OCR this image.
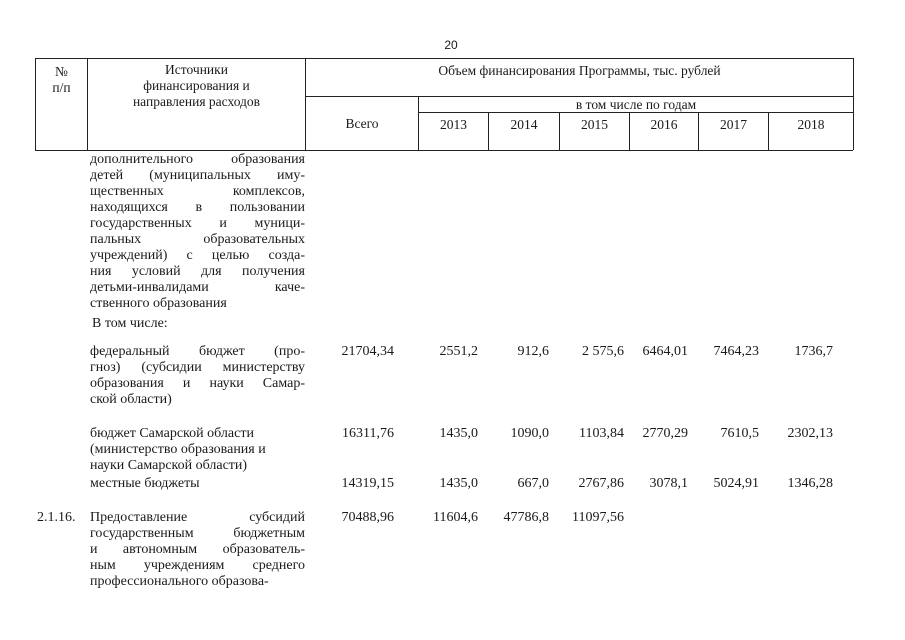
20
№
п/п
Источники
финансирования и
направления расходов
Объем финансирования Программы, тыс. рублей
в том числе по годам
Всего	2013	2014	2015	2016	2017	2018
дополнительного образования
детей (муниципальных иму-
щественных комплексов,
находящихся в пользовании
государственных и муници-
пальных образовательных
учреждений) с целью созда-
ния условий для получения
детьми-инвалидами каче-
ственного образования
В том числе:
федеральный бюджет (про-
гноз) (субсидии министерству
образования и науки Самар-
ской области)
21704,34	2551,2	912,6	2 575,6	6464,01	7464,23	1736,7
бюджет Самарской области
(министерство образования и
науки Самарской области)
16311,76	1435,0	1090,0	1103,84	2770,29	7610,5	2302,13
местные бюджеты	14319,15	1435,0	667,0	2767,86	3078,1	5024,91	1346,28
2.1.16. Предоставление субсидий
государственным бюджетным
и автономным образователь-
ным учреждениям среднего
профессионального образова-
70488,96	11604,6	47786,8	11097,56
